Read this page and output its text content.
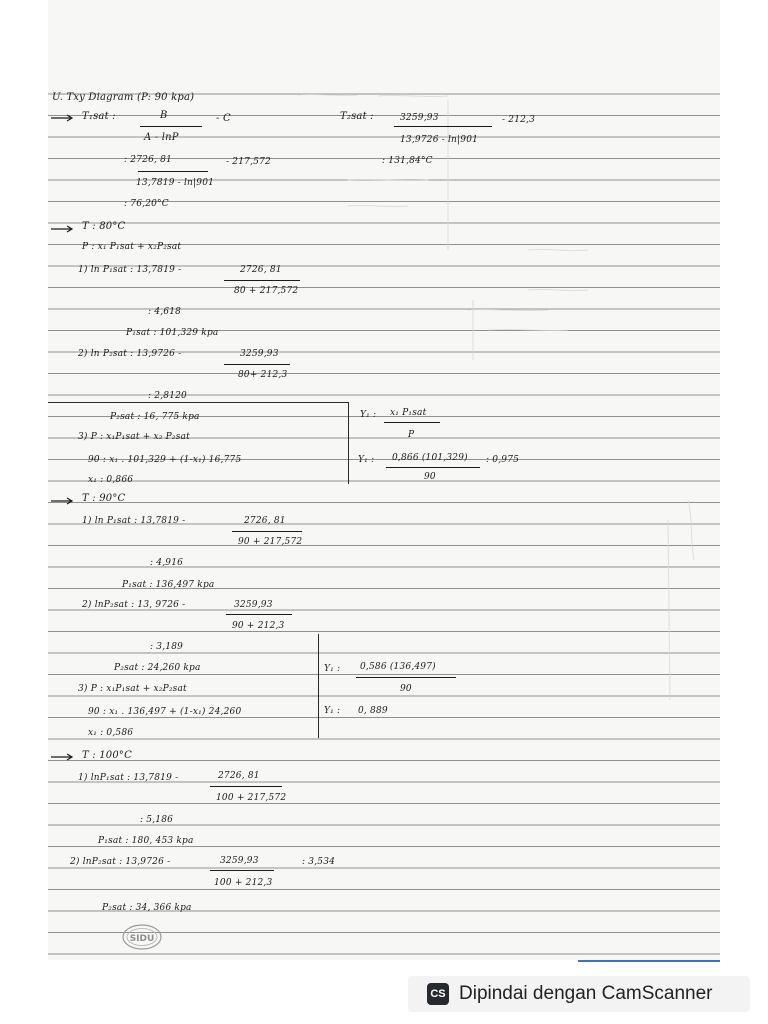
U. Txy Diagram (P: 90 kpa)
T₁sat :	B
A - lnP
- C
: 2726, 81	- 217,572
13,7819 - ln|901
: 76,20°C
T₂sat :	3259,93	- 212,3
13,9726 - ln|901
: 131,84°C
T : 80°C
P : x₁ P₁sat + x₂P₂sat
1) ln P₁sat : 13,7819 -	2726, 81
80 + 217,572
: 4,618
P₁sat : 101,329 kpa
2) ln P₂sat : 13,9726 -	3259,93
80+ 212,3
: 2,8120
P₂sat : 16, 775 kpa
3) P : x₁P₁sat + x₂ P₂sat
90 : x₁ . 101,329 + (1-x₁) 16,775
x₁ : 0,866
Y₁ : x₁ P₁sat
P
Y₁ : 0,866 (101,329)
90
: 0,975
T : 90°C
1) ln P₁sat : 13,7819 -	2726, 81
90 + 217,572
: 4,916
P₁sat : 136,497 kpa
2) lnP₂sat : 13, 9726 -	3259,93
90 + 212,3
: 3,189
P₂sat : 24,260 kpa
3) P : x₁P₁sat + x₂P₂sat
90 : x₁ . 136,497 + (1-x₁) 24,260
x₁ : 0,586
Y₁ : 0,586 (136,497)
90
Y₁ : 0, 889
T : 100°C
1) lnP₁sat : 13,7819 -	2726, 81
100 + 217,572
: 5,186
P₁sat : 180, 453 kpa
2) lnP₂sat : 13,9726 -	3259,93
100 + 212,3
: 3,534
P₂sat : 34, 366 kpa
SIDU
CS Dipindai dengan CamScanner
